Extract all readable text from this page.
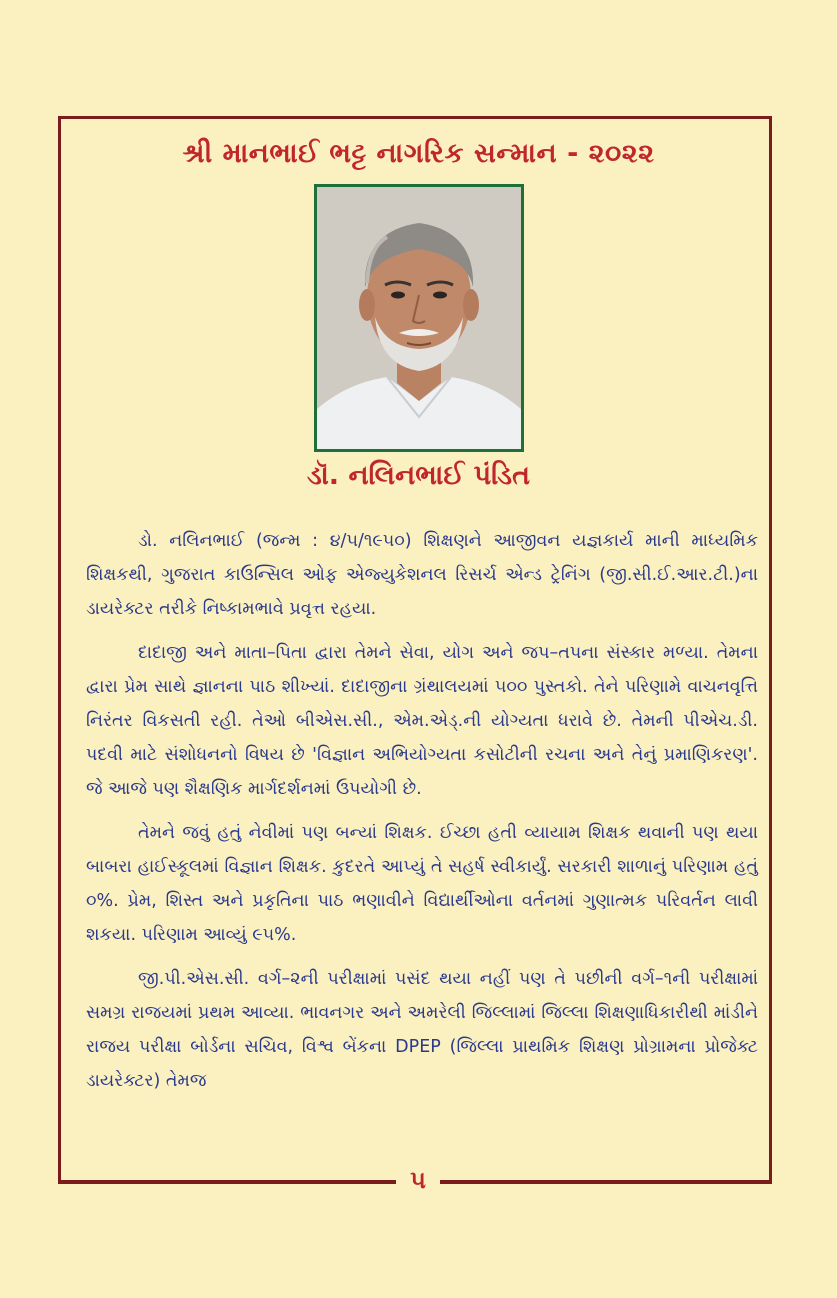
શ્રી માનભાઈ ભટ્ટ નાગરિક સન્માન - ૨૦૨૨
ડૉ. નલિનભાઈ પંડિત

ડો. નલિનભાઈ (જન્મ : ૪/૫/૧૯૫૦) શિક્ષણને આજીવન યજ્ઞકાર્ય માની માધ્યમિક શિક્ષકથી, ગુજરાત કાઉન્સિલ ઓફ એજ્યુકેશનલ રિસર્ચ એન્ડ ટ્રેનિંગ (જી.સી.ઈ.આર.ટી.)ના ડાયરેક્ટર તરીકે નિષ્કામભાવે પ્રવૃત્ત રહયા.

દાદાજી અને માતા–પિતા દ્વારા તેમને સેવા, યોગ અને જપ–તપના સંસ્કાર મળ્યા. તેમના દ્વારા પ્રેમ સાથે જ્ઞાનના પાઠ શીખ્યાં. દાદાજીના ગ્રંથાલયમાં ૫૦૦ પુસ્તકો. તેને પરિણામે વાચનવૃત્તિ નિરંતર વિકસતી રહી. તેઓ બીએસ.સી., એમ.એડ્.ની યોગ્યતા ધરાવે છે. તેમની પીએચ.ડી. પદવી માટે સંશોધનનો વિષય છે 'વિજ્ઞાન અભિયોગ્યતા કસોટીની રચના અને તેનું પ્રમાણિકરણ'. જે આજે પણ શૈક્ષણિક માર્ગદર્શનમાં ઉપયોગી છે.

તેમને જવું હતું નેવીમાં પણ બન્યાં શિક્ષક. ઈચ્છા હતી વ્યાયામ શિક્ષક થવાની પણ થયા બાબરા હાઈસ્કૂલમાં વિજ્ઞાન શિક્ષક. કુદરતે આપ્યું તે સહર્ષ સ્વીકાર્યું. સરકારી શાળાનું પરિણામ હતું ૦%. પ્રેમ, શિસ્ત અને પ્રકૃતિના પાઠ ભણાવીને વિદ્યાર્થીઓના વર્તનમાં ગુણાત્મક પરિવર્તન લાવી શકયા. પરિણામ આવ્યું ૯૫%.

જી.પી.એસ.સી. વર્ગ–૨ની પરીક્ષામાં પસંદ થયા નહીં પણ તે પછીની વર્ગ–૧ની પરીક્ષામાં સમગ્ર રાજયમાં પ્રથમ આવ્યા. ભાવનગર અને અમરેલી જિલ્લામાં જિલ્લા શિક્ષણાધિકારીથી માંડીને રાજય પરીક્ષા બોર્ડના સચિવ, વિશ્વ બેંકના DPEP (જિલ્લા પ્રાથમિક શિક્ષણ પ્રોગ્રામના પ્રોજેક્ટ ડાયરેક્ટર) તેમજ

૫
